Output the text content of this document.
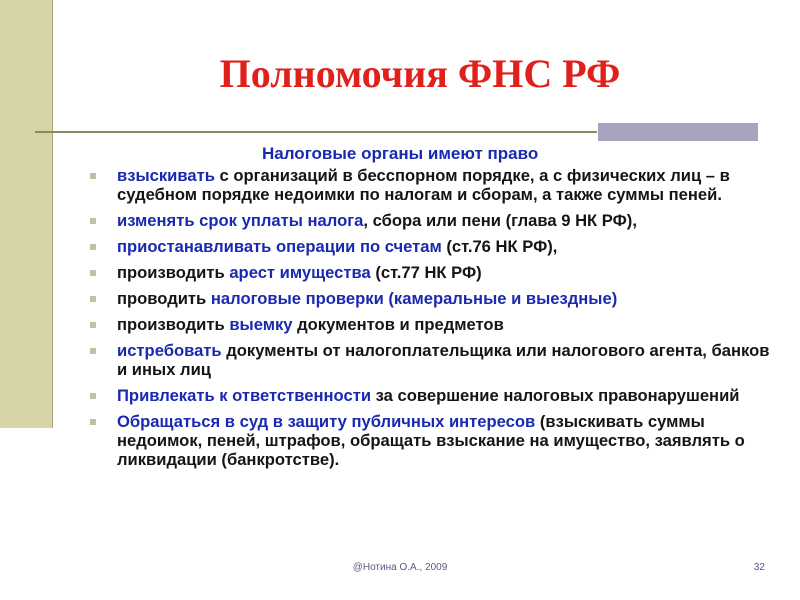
Полномочия ФНС РФ
Налоговые органы имеют право
взыскивать с организаций в бесспорном порядке, а с физических лиц – в судебном порядке недоимки по налогам и сборам, а также суммы пеней.
изменять срок уплаты налога, сбора или пени (глава 9 НК РФ),
приостанавливать операции по счетам (ст.76 НК РФ),
производить арест имущества (ст.77 НК РФ)
проводить налоговые проверки (камеральные и выездные)
производить выемку документов и предметов
истребовать документы от налогоплательщика или налогового агента, банков и иных лиц
Привлекать к ответственности за совершение налоговых правонарушений
Обращаться в суд в защиту публичных интересов (взыскивать суммы недоимок, пеней, штрафов, обращать взыскание на имущество, заявлять о ликвидации (банкротстве).
@Нотина О.А., 2009	32
